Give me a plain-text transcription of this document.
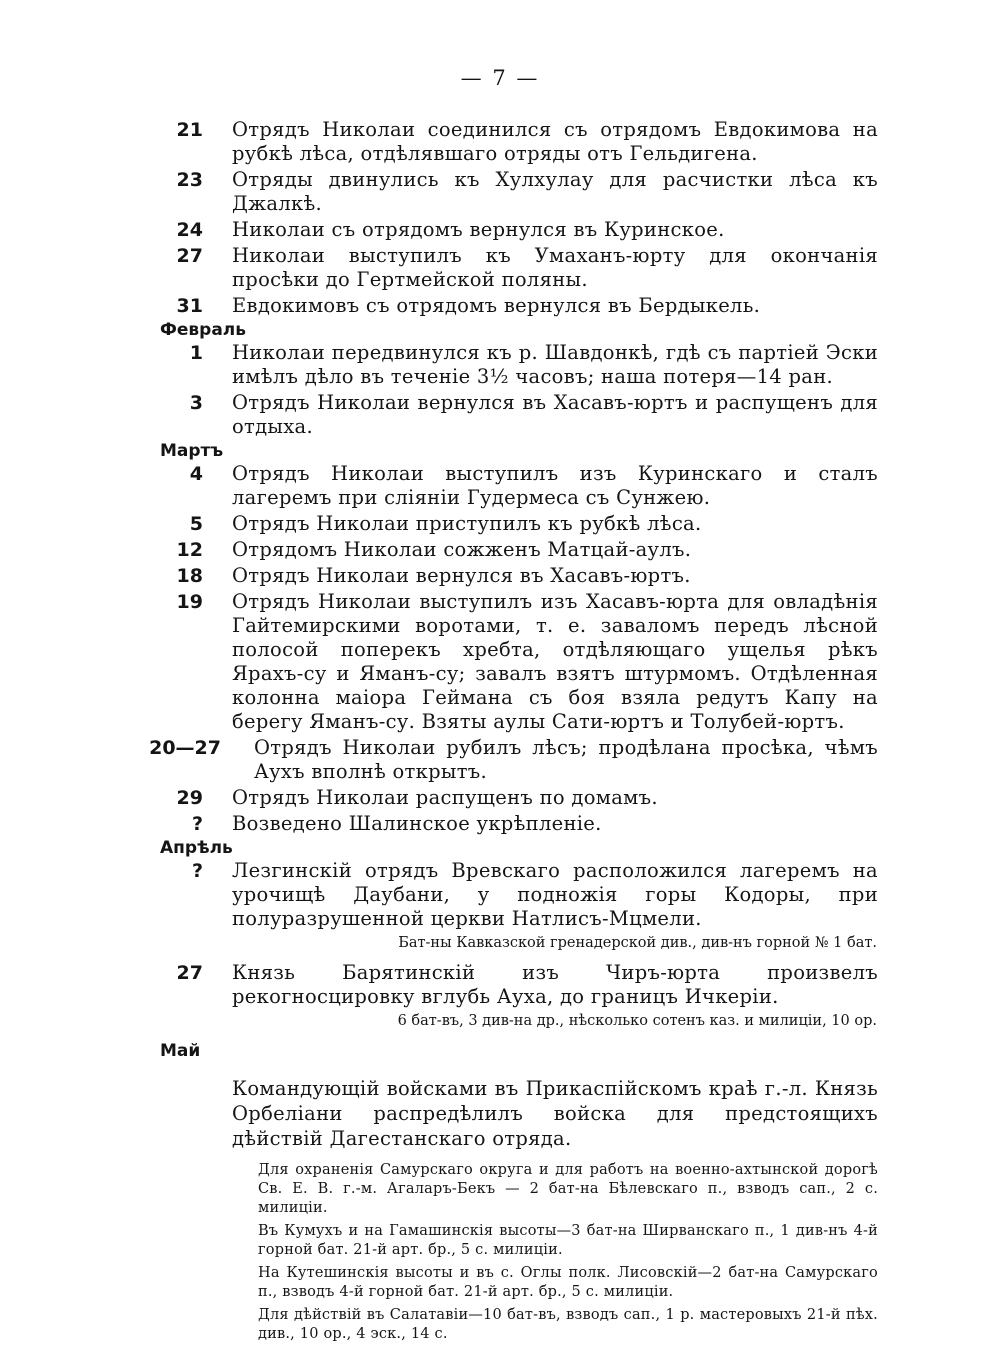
— 7 —
21 Отрядъ Николаи соединился съ отрядомъ Евдокимова на рубкѣ лѣса, отдѣлявшаго отряды отъ Гельдигена.
23 Отряды двинулись къ Хулхулау для расчистки лѣса къ Джалкѣ.
24 Николаи съ отрядомъ вернулся въ Куринское.
27 Николаи выступилъ къ Умаханъ-юрту для окончанія просѣки до Гертмейской поляны.
31 Евдокимовъ съ отрядомъ вернулся въ Бердыкель.
Февраль
1 Николаи передвинулся къ р. Шавдонкѣ, гдѣ съ партіей Эски имѣлъ дѣло въ теченіе 3½ часовъ; наша потеря—14 ран.
3 Отрядъ Николаи вернулся въ Хасавъ-юртъ и распущенъ для отдыха.
Мартъ
4 Отрядъ Николаи выступилъ изъ Куринскаго и сталъ лагеремъ при сліяніи Гудермеса съ Сунжею.
5 Отрядъ Николаи приступилъ къ рубкѣ лѣса.
12 Отрядомъ Николаи сожженъ Матцай-аулъ.
18 Отрядъ Николаи вернулся въ Хасавъ-юртъ.
19 Отрядъ Николаи выступилъ изъ Хасавъ-юрта для овладѣнія Гайтемирскими воротами, т. е. заваломъ передъ лѣсной полосой поперекъ хребта, отдѣляющаго ущелья рѣкъ Ярахъ-су и Яманъ-су; завалъ взятъ штурмомъ. Отдѣленная колонна маіора Геймана съ боя взяла редутъ Капу на берегу Яманъ-су. Взяты аулы Сати-юртъ и Толубей-юртъ.
20—27 Отрядъ Николаи рубилъ лѣсъ; продѣлана просѣка, чѣмъ Аухъ вполнѣ открытъ.
29 Отрядъ Николаи распущенъ по домамъ.
? Возведено Шалинское укрѣпленіе.
Апрѣль
? Лезгинскій отрядъ Вревскаго расположился лагеремъ на урочищѣ Даубани, у подножія горы Кодоры, при полуразрушенной церкви Натлисъ-Мцмели.
Бат-ны Кавказской гренадерской див., див-нъ горной № 1 бат.
27 Князь Барятинскій изъ Чиръ-юрта произвелъ рекогносцировку вглубь Ауха, до границъ Ичкеріи.
6 бат-въ, 3 див-на др., нѣсколько сотенъ каз. и милиціи, 10 ор.
Май
Командующій войсками въ Прикаспійскомъ краѣ г.-л. Князь Орбеліани распредѣлилъ войска для предстоящихъ дѣйствій Дагестанскаго отряда.
Для охраненія Самурскаго округа и для работъ на военно-ахтынской дорогѣ Св. Е. В. г.-м. Агаларъ-Бекъ — 2 бат-на Бѣлевскаго п., взводъ сап., 2 с. милиціи.
Въ Кумухъ и на Гамашинскія высоты—3 бат-на Ширванскаго п., 1 див-нъ 4-й горной бат. 21-й арт. бр., 5 с. милиціи.
На Кутешинскія высоты и въ с. Оглы полк. Лисовскій—2 бат-на Самурскаго п., взводъ 4-й горной бат. 21-й арт. бр., 5 с. милиціи.
Для дѣйствій въ Салатавіи—10 бат-въ, взводъ сап., 1 р. мастеровыхъ 21-й пѣх. див., 10 ор., 4 эск., 14 с.
